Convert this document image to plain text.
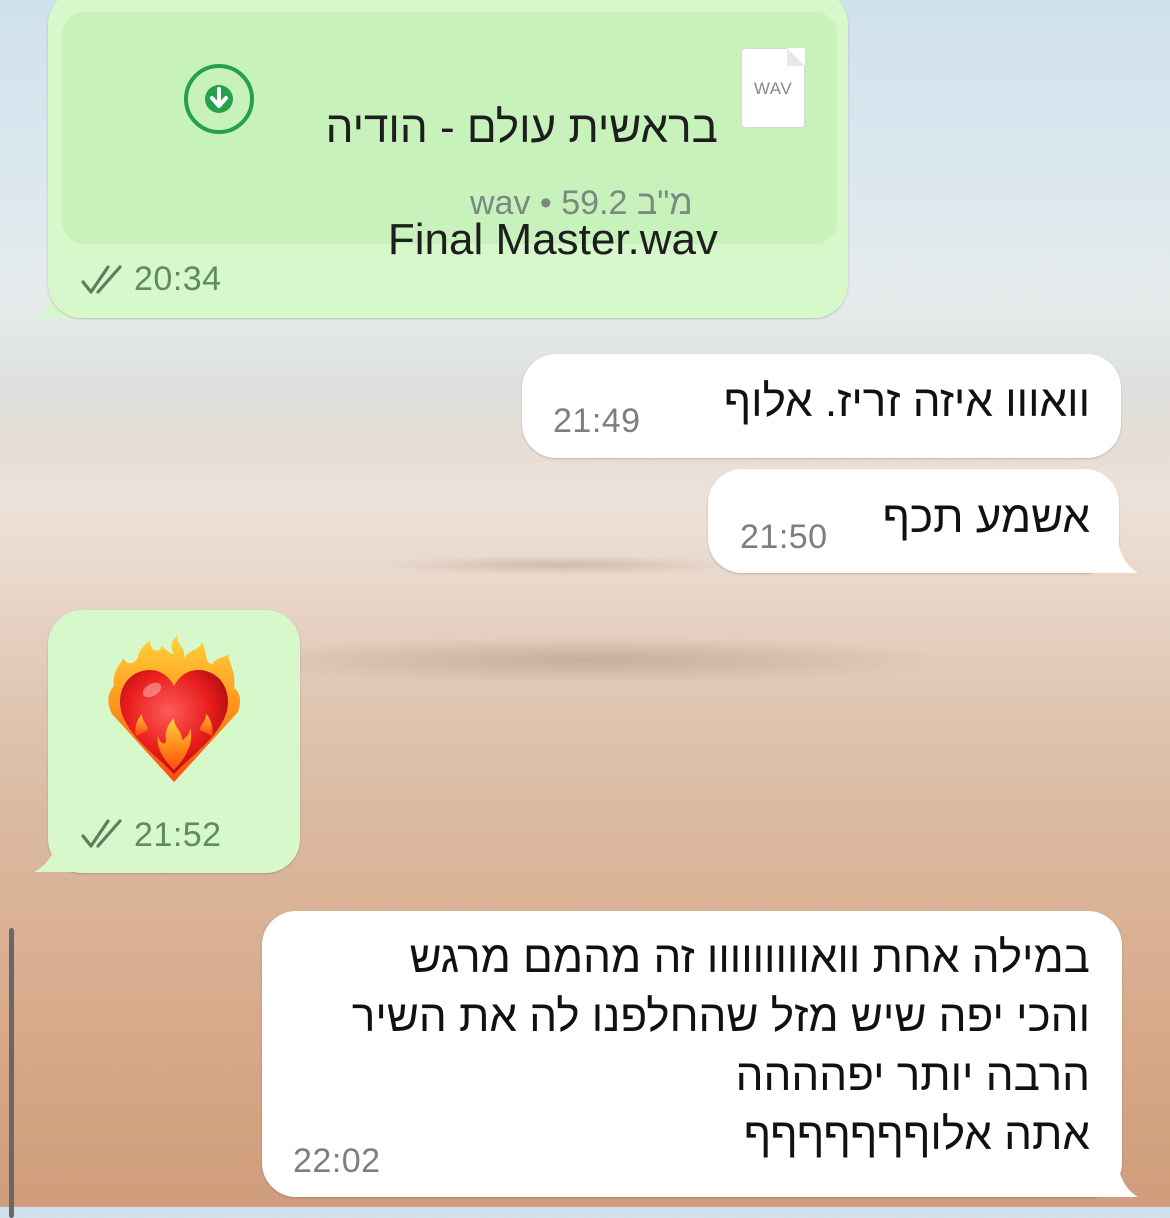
WAV

בראשית עולם - הודיה

Final Master.wav

wav • 59.2 מ"ב
20:34
וואווו איזה זריז. אלוף
21:49
אשמע תכף
21:50
21:52
במילה אחת וואווווווווו זה מהמם מרגש
והכי יפה שיש מזל שהחלפנו לה את השיר
הרבה יותר יפהההה
אתה אלוףףףףףףף
22:02
